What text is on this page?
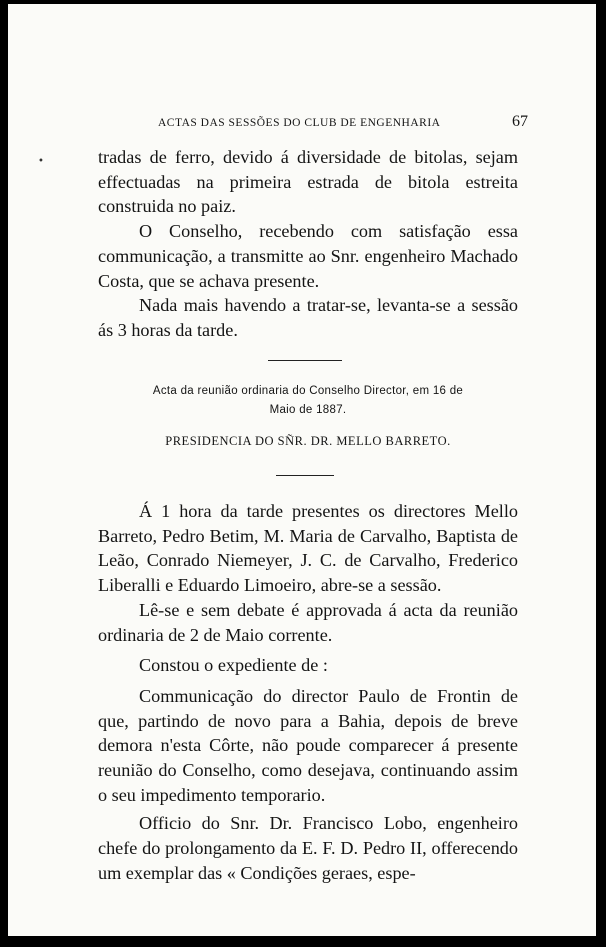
ACTAS DAS SESSÕES DO CLUB DE ENGENHARIA	67
•	tradas de ferro, devido á diversidade de bitolas, sejam effectuadas na primeira estrada de bitola estreita construida no paiz.

O Conselho, recebendo com satisfação essa communicação, a transmitte ao Snr. engenheiro Machado Costa, que se achava presente.

Nada mais havendo a tratar-se, levanta-se a sessão ás 3 horas da tarde.

Acta da reunião ordinaria do Conselho Director, em 16 de
Maio de 1887.
PRESIDENCIA DO SÑR. DR. MELLO BARRETO.

Á 1 hora da tarde presentes os directores Mello Barreto, Pedro Betim, M. Maria de Carvalho, Baptista de Leão, Conrado Niemeyer, J. C. de Carvalho, Frederico Liberalli e Eduardo Limoeiro, abre-se a sessão.

Lê-se e sem debate é approvada á acta da reunião ordinaria de 2 de Maio corrente.

Constou o expediente de :

Communicação do director Paulo de Frontin de que, partindo de novo para a Bahia, depois de breve demora n'esta Côrte, não poude comparecer á presente reunião do Conselho, como desejava, continuando assim o seu impedimento temporario.

Officio do Snr. Dr. Francisco Lobo, engenheiro chefe do prolongamento da E. F. D. Pedro II, offerecendo um exemplar das « Condições geraes, espe-
